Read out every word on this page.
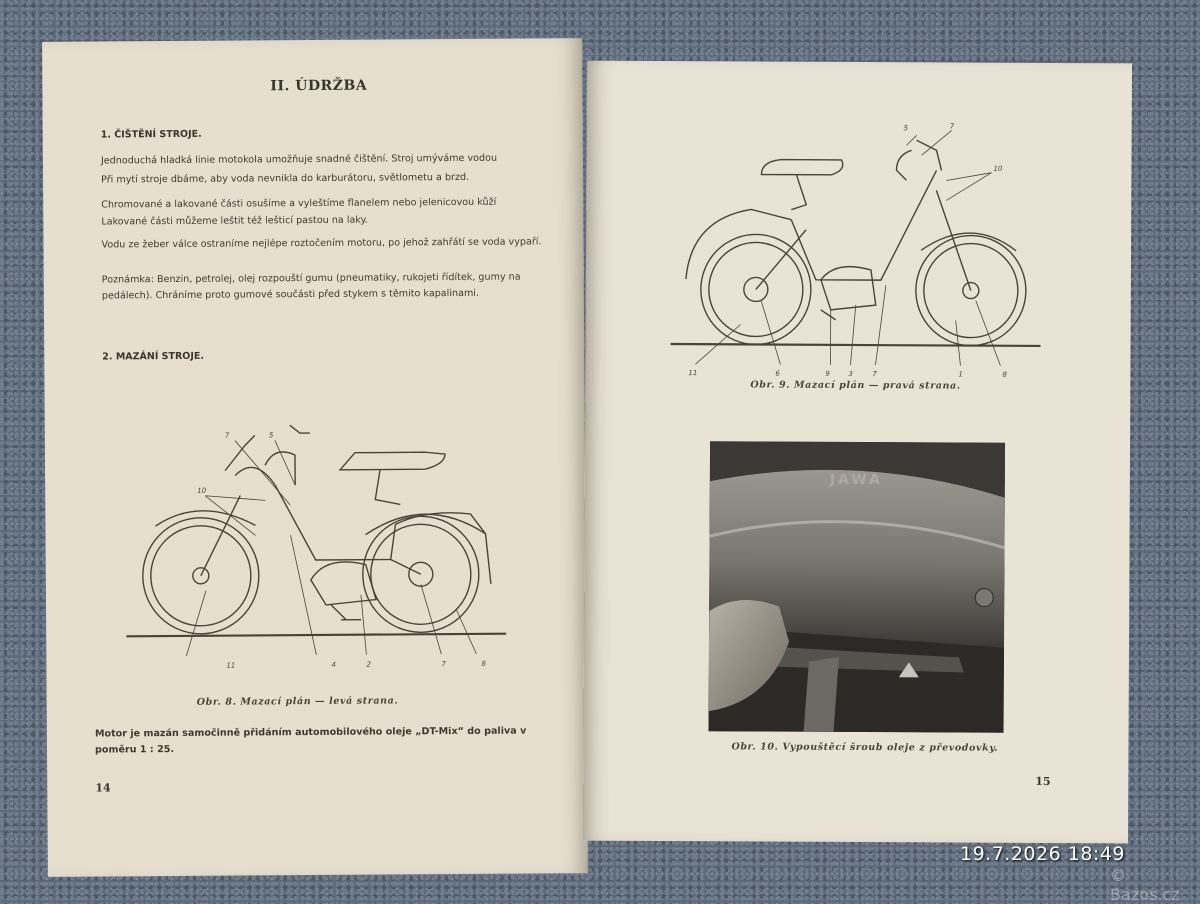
II. ÚDRŽBA
1. ČIŠTĚNÍ STROJE.
Jednoduchá hladká linie motokola umožňuje snadné čištění. Stroj umýváme vodou
Při mytí stroje dbáme, aby voda nevnikla do karburátoru, světlometu a brzd.
Chromované a lakované části osušíme a vyleštíme flanelem nebo jelenicovou kůží
Lakované části můžeme leštit též lešticí pastou na laky.
Vodu ze žeber válce ostraníme nejlépe roztočením motoru, po jehož zahřátí se voda vypaří.
Poznámka: Benzin, petrolej, olej rozpouští gumu (pneumatiky, rukojeti řídítek, gumy na pedálech). Chráníme proto gumové součásti před stykem s těmito kapalinami.
2. MAZÁNÍ STROJE.
7	5
10
11	4	2	7	8
Obr. 8. Mazací plán — levá strana.
Motor je mazán samočinně přidáním automobilového oleje „DT-Mix“ do paliva v poměru 1 : 25.
14
5	7
10
11	6	9	3	7	1	8
Obr. 9. Mazací plán — pravá strana.
JAWA
Obr. 10. Vypouštěcí šroub oleje z převodovky.
15
19.7.2026 18:49
© Bazos.cz
